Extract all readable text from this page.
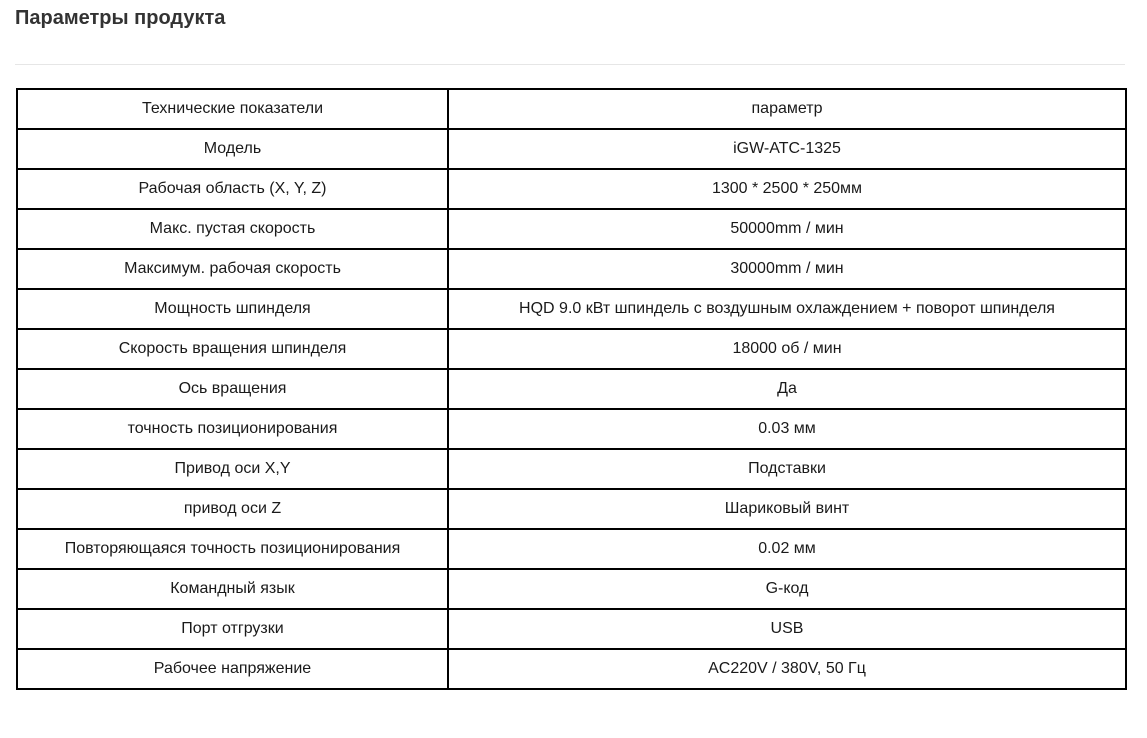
Параметры продукта
Технические показатели	параметр
Модель	iGW-ATC-1325
Рабочая область (X, Y, Z)	1300 * 2500 * 250мм
Макс. пустая скорость	50000mm / мин
Максимум. рабочая скорость	30000mm / мин
Мощность шпинделя	HQD 9.0 кВт шпиндель с воздушным охлаждением + поворот шпинделя
Скорость вращения шпинделя	18000 об / мин
Ось вращения	Да
точность позиционирования	0.03 мм
Привод оси X,Y	Подставки
привод оси Z	Шариковый винт
Повторяющаяся точность позиционирования	0.02 мм
Командный язык	G-код
Порт отгрузки	USB
Рабочее напряжение	AC220V / 380V, 50 Гц
